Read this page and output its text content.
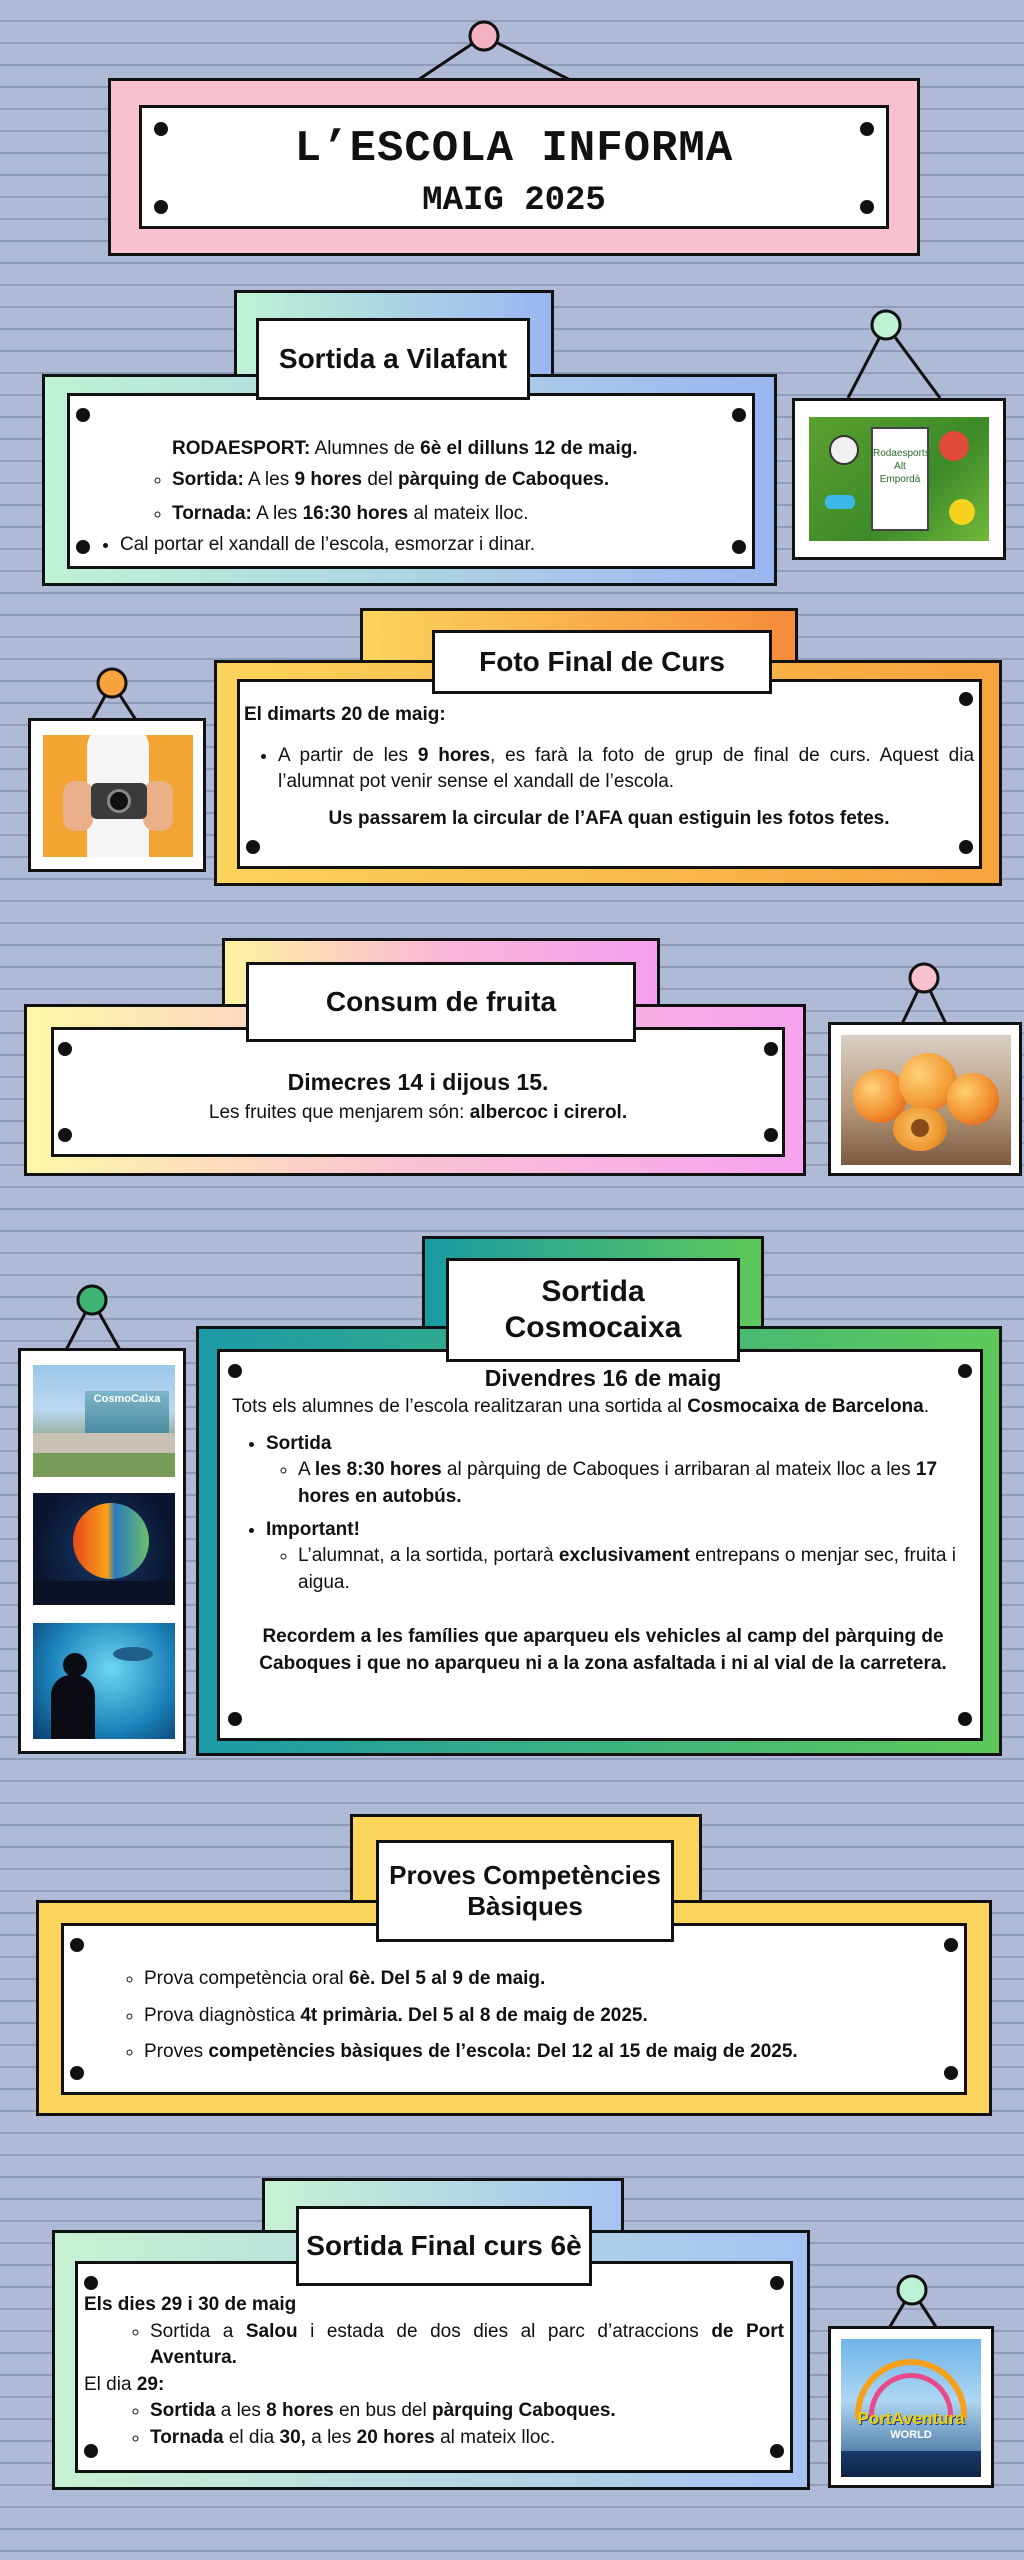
L’ESCOLA INFORMA
MAIG 2025
RODAESPORT: Alumnes de 6è el dilluns 12 de maig.
◦ Sortida: A les 9 hores del pàrquing de Caboques.
◦ Tornada: A les 16:30 hores al mateix lloc.
• Cal portar el xandall de l’escola, esmorzar i dinar.
Sortida a Vilafant
Rodaesports Alt Empordà
El dimarts 20 de maig:
• A partir de les 9 hores, es farà la foto de grup de final de curs. Aquest dia l’alumnat pot venir sense el xandall de l’escola.
Us passarem la circular de l’AFA quan estiguin les fotos fetes.
Foto Final de Curs
Dimecres 14 i dijous 15.
Les fruites que menjarem són: albercoc i cirerol.
Consum de fruita
Divendres 16 de maig
Tots els alumnes de l’escola realitzaran una sortida al Cosmocaixa de Barcelona.
• Sortida
◦ A les 8:30 hores al pàrquing de Caboques i arribaran al mateix lloc a les 17 hores en autobús.
• Important!
◦ L’alumnat, a la sortida, portarà exclusivament entrepans o menjar sec, fruita i aigua.
Recordem a les famílies que aparqueu els vehicles al camp del pàrquing de Caboques i que no aparqueu ni a la zona asfaltada i ni al vial de la carretera.
Sortida
Cosmocaixa
CosmoCaixa
◦ Prova competència oral 6è. Del 5 al 9 de maig.
◦ Prova diagnòstica 4t primària. Del 5 al 8 de maig de 2025.
◦ Proves competències bàsiques de l’escola: Del 12 al 15 de maig de 2025.
Proves Competències
Bàsiques
Els dies 29 i 30 de maig
◦ Sortida a Salou i estada de dos dies al parc d’atraccions de Port Aventura.
El dia 29:
◦ Sortida a les 8 hores en bus del pàrquing Caboques.
◦ Tornada el dia 30, a les 20 hores al mateix lloc.
Sortida Final curs 6è
PortAventura
WORLD
